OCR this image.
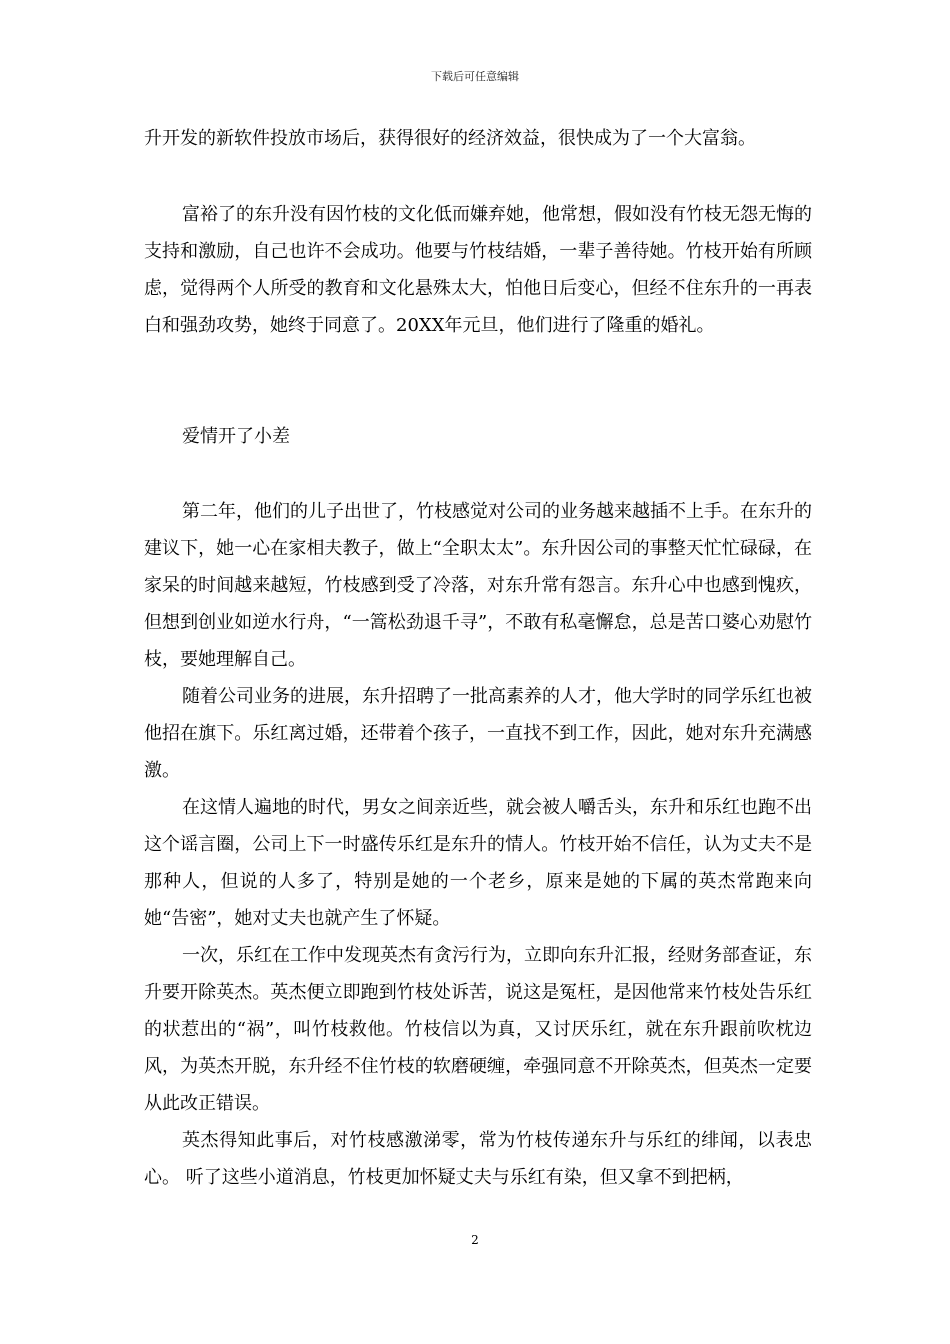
下载后可任意编辑

升开发的新软件投放市场后，获得很好的经济效益，很快成为了一个大富翁。

富裕了的东升没有因竹枝的文化低而嫌弃她，他常想，假如没有竹枝无怨无悔的支持和激励，自己也许不会成功。他要与竹枝结婚，一辈子善待她。竹枝开始有所顾虑，觉得两个人所受的教育和文化悬殊太大，怕他日后变心，但经不住东升的一再表白和强劲攻势，她终于同意了。20XX年元旦，他们进行了隆重的婚礼。

爱情开了小差

第二年，他们的儿子出世了，竹枝感觉对公司的业务越来越插不上手。在东升的建议下，她一心在家相夫教子，做上“全职太太”。东升因公司的事整天忙忙碌碌，在家呆的时间越来越短，竹枝感到受了冷落，对东升常有怨言。东升心中也感到愧疚，但想到创业如逆水行舟，“一篙松劲退千寻”，不敢有私毫懈怠，总是苦口婆心劝慰竹枝，要她理解自己。

随着公司业务的进展，东升招聘了一批高素养的人才，他大学时的同学乐红也被他招在旗下。乐红离过婚，还带着个孩子，一直找不到工作，因此，她对东升充满感激。

在这情人遍地的时代，男女之间亲近些，就会被人嚼舌头，东升和乐红也跑不出这个谣言圈，公司上下一时盛传乐红是东升的情人。竹枝开始不信任，认为丈夫不是那种人，但说的人多了，特别是她的一个老乡，原来是她的下属的英杰常跑来向她“告密”，她对丈夫也就产生了怀疑。

一次，乐红在工作中发现英杰有贪污行为，立即向东升汇报，经财务部查证，东升要开除英杰。英杰便立即跑到竹枝处诉苦，说这是冤枉，是因他常来竹枝处告乐红的状惹出的“祸”，叫竹枝救他。竹枝信以为真，又讨厌乐红，就在东升跟前吹枕边风，为英杰开脱，东升经不住竹枝的软磨硬缠，牵强同意不开除英杰，但英杰一定要从此改正错误。

英杰得知此事后，对竹枝感激涕零，常为竹枝传递东升与乐红的绯闻，以表忠心。 听了这些小道消息，竹枝更加怀疑丈夫与乐红有染，但又拿不到把柄，

2
